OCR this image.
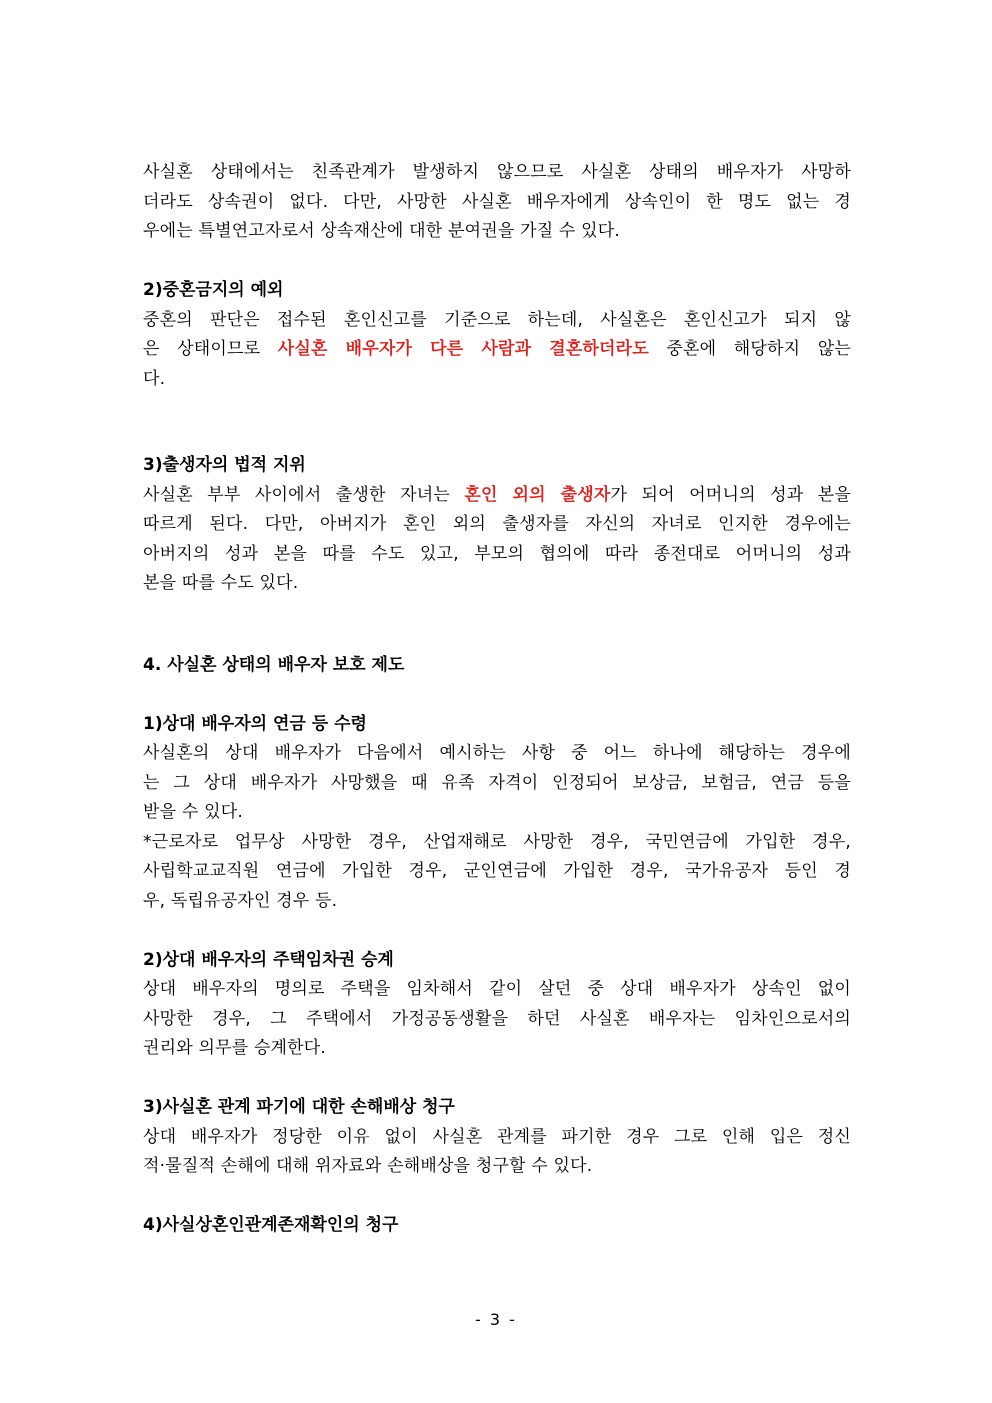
사실혼 상태에서는 친족관계가 발생하지 않으므로 사실혼 상태의 배우자가 사망하
더라도 상속권이 없다. 다만, 사망한 사실혼 배우자에게 상속인이 한 명도 없는 경
우에는 특별연고자로서 상속재산에 대한 분여권을 가질 수 있다.
2)중혼금지의 예외
중혼의 판단은 접수된 혼인신고를 기준으로 하는데, 사실혼은 혼인신고가 되지 않
은 상태이므로 사실혼 배우자가 다른 사람과 결혼하더라도 중혼에 해당하지 않는
다.
3)출생자의 법적 지위
사실혼 부부 사이에서 출생한 자녀는 혼인 외의 출생자가 되어 어머니의 성과 본을
따르게 된다. 다만, 아버지가 혼인 외의 출생자를 자신의 자녀로 인지한 경우에는
아버지의 성과 본을 따를 수도 있고, 부모의 협의에 따라 종전대로 어머니의 성과
본을 따를 수도 있다.
4. 사실혼 상태의 배우자 보호 제도
1)상대 배우자의 연금 등 수령
사실혼의 상대 배우자가 다음에서 예시하는 사항 중 어느 하나에 해당하는 경우에
는 그 상대 배우자가 사망했을 때 유족 자격이 인정되어 보상금, 보험금, 연금 등을
받을 수 있다.
*근로자로 업무상 사망한 경우, 산업재해로 사망한 경우, 국민연금에 가입한 경우,
사립학교교직원 연금에 가입한 경우, 군인연금에 가입한 경우, 국가유공자 등인 경
우, 독립유공자인 경우 등.
2)상대 배우자의 주택임차권 승계
상대 배우자의 명의로 주택을 임차해서 같이 살던 중 상대 배우자가 상속인 없이
사망한 경우, 그 주택에서 가정공동생활을 하던 사실혼 배우자는 임차인으로서의
권리와 의무를 승계한다.
3)사실혼 관계 파기에 대한 손해배상 청구
상대 배우자가 정당한 이유 없이 사실혼 관계를 파기한 경우 그로 인해 입은 정신
적·물질적 손해에 대해 위자료와 손해배상을 청구할 수 있다.
4)사실상혼인관계존재확인의 청구
- 3 -
